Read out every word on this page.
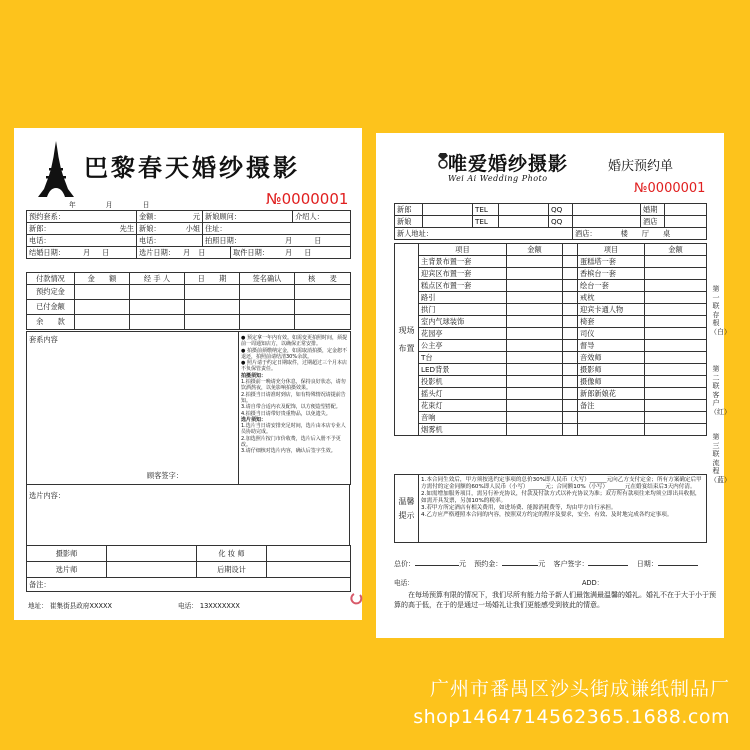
巴黎春天婚纱摄影
№0000001
年	月	日
预约套系：	金额： 元	新娘顾问：		介绍人：
新郎： 先生	新娘： 小姐	住址：		
电话：	电话：	拍照日期： 月 日		
结婚日期： 月 日	选片日期： 月 日		取件日期： 月 日	
付款情况	金　　额	经 手 人	日　　期	签名确认	核　　麦
预约定金					
已付金额					
余　　款					
套系内容
顾客签字：

● 预定拿一年内有效。如需变更拍照时间，须提前一周通知店方，以确保正常安排。
● 拍摄前须缴纳定金，如需取消拍摄，定金恕不退还，拍照前请结清30%余款。
● 照片请于约定日期取件，过期超过三个月本店不负保管责任。
拍摄须知：
1.拍摄前一晚请充分休息，保持良好状态，请勿饮酒熬夜，以免影响拍摄效果。
2.拍摄当日请准时到店，如有特殊情况请提前告知。
3.请自带合适内衣及配饰，以方便造型搭配。
4.拍摄当日请带好贵重物品，以免遗失。
选片须知：
1.选片当日请安排充足时间，选片由本店专业人员协助完成。
2.加选照片按门市价收费，选片后入册不予更改。
3.请仔细核对选片内容，确认后签字生效。
选片内容：
摄影师		化 妆 师	
选片师		后期设计	
备注：			
地址： 崔集街县政府XXXXX	电话： 13XXXXXXX
唯爱婚纱摄影	婚庆预约单
Wei Ai Wedding Photo
№0000001
新郎		TEL		QQ		婚期	
新娘		TEL		QQ		酒店	
新人地址：					酒店： 楼 厅 桌		
现场布置	项目	金额		项目	金额
	主背景布置一套			蛋糕塔一套	
	迎宾区布置一套			香槟台一套	
	糕点区布置一套			绘台一套	
	路引			戒枕	
	拱门			迎宾卡通人物	
	室内气球装饰			椅套	
	花园亭			司仪	
	公主亭			督导	
	T台			音效师	
	LED背景			摄影师	
	投影机			摄像师	
	摇头灯			新郎新娘花	
	花束灯			备注	
	音响				
	烟雾机				
温馨提示	
1.本合同生效后，甲方须按选约定事项的总价30%即人民币（大写）______元向乙方支付定金；所有方案确定后甲方需付的定金同额的60%即人民币（小写）______元；合同额10%（小写）______元在婚宴结束后3天内付清。
2.如需增加服务项目，需另行补充协议，付款及付款方式以补充协议为准；双方所有款项往来均须立即出具收据，如需开具发票，另加10%的税率。
3.若甲方所定酒店有相关费用，如进场费、能源消耗费等，均由甲方自行承担。
4.乙方应严格遵照本合同的内容，按照双方约定的程序及要求，安全、有效、及时地完成各约定事项。
总价：	元 预约金：	元 客户签字：	日期：
电话：	ADD：
在每场预算有限的情况下，我们尽所有能力给予新人们最饱满最温馨的婚礼。婚礼不在于大于小于预算的高于低，在于的是通过一场婚礼让我们更能感受到彼此的情意。
第一联存根（白）
第二联客户（红）
第三联流程（蓝）
广州市番禺区沙头街成谦纸制品厂
shop1464714562365.1688.com
